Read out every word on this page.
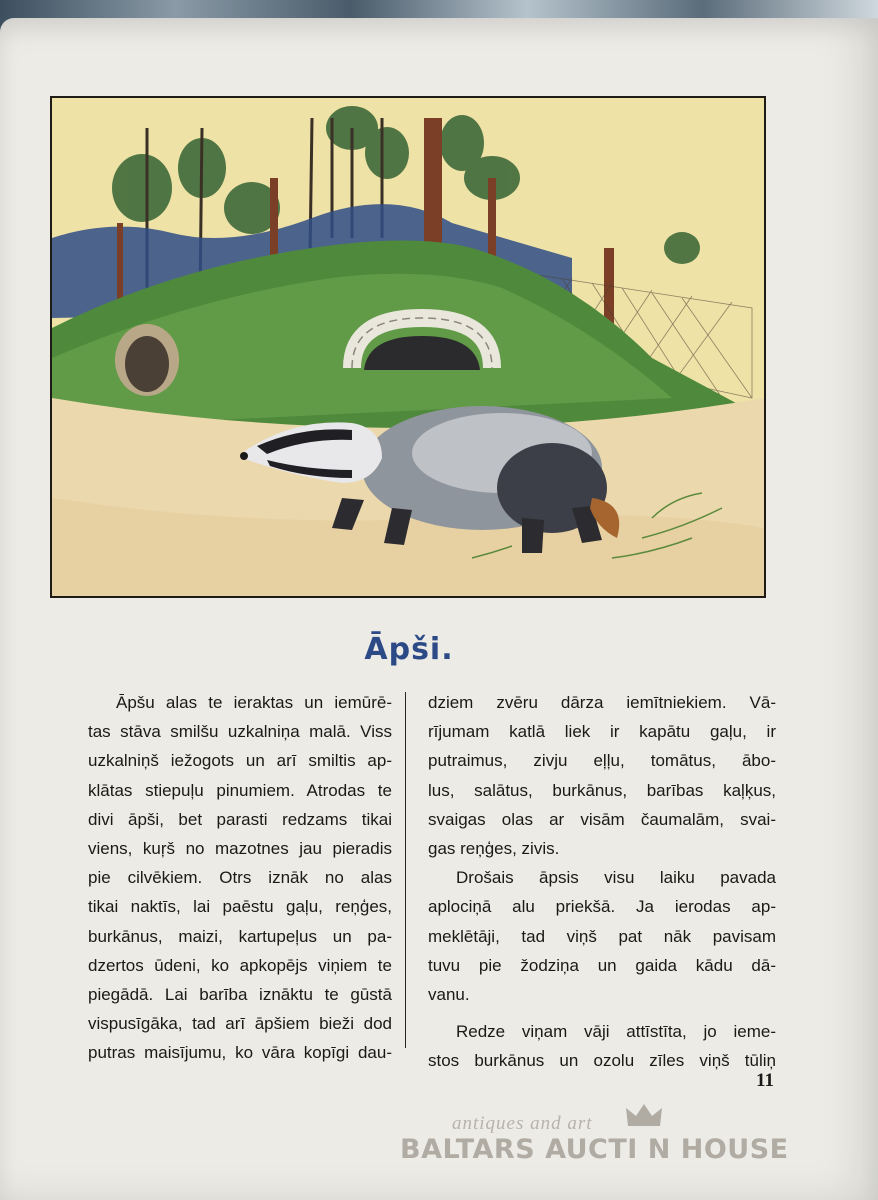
Āpši.
Āpšu alas te ieraktas un iemūrē-
tas stāva smilšu uzkalniņa malā. Viss
uzkalniņš iežogots un arī smiltis ap-
klātas stiepuļu pinumiem. Atrodas te
divi āpši, bet parasti redzams tikai
viens, kuŗš no mazotnes jau pieradis
pie cilvēkiem. Otrs iznāk no alas
tikai naktīs, lai paēstu gaļu, reņģes,
burkānus, maizi, kartupeļus un pa-
dzertos ūdeni, ko apkopējs viņiem te
piegādā. Lai barība iznāktu te gūstā
vispusīgāka, tad arī āpšiem bieži dod
putras maisījumu, ko vāra kopīgi dau-
dziem zvēru dārza iemītniekiem. Vā-
rījumam katlā liek ir kapātu gaļu, ir
putraimus, zivju eļļu, tomātus, ābo-
lus, salātus, burkānus, barības kaļķus,
svaigas olas ar visām čaumalām, svai-
gas reņģes, zivis.
Drošais āpsis visu laiku pavada
aplociņā alu priekšā. Ja ierodas ap-
meklētāji, tad viņš pat nāk pavisam
tuvu pie žodziņa un gaida kādu dā-
vanu.
Redze viņam vāji attīstīta, jo ieme-
stos burkānus un ozolu zīles viņš tūliņ
11
antiques and art
BALTARS AUCTI N HOUSE
